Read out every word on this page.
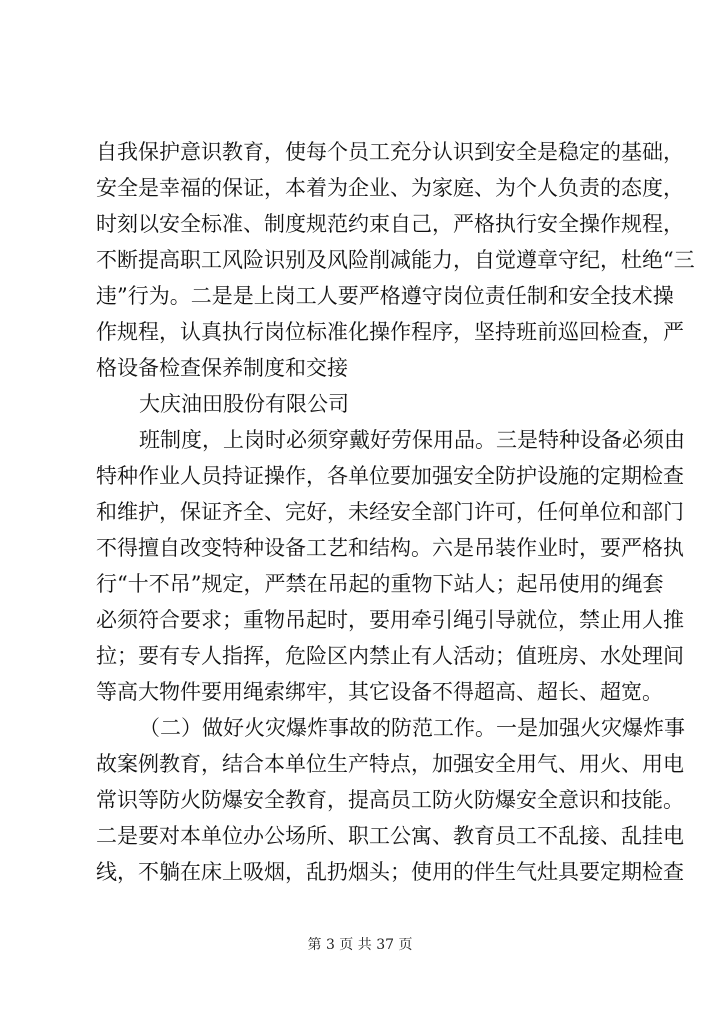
自我保护意识教育，使每个员工充分认识到安全是稳定的基础，

安全是幸福的保证，本着为企业、为家庭、为个人负责的态度，

时刻以安全标准、制度规范约束自己，严格执行安全操作规程，

不断提高职工风险识别及风险削减能力，自觉遵章守纪，杜绝“三

违”行为。二是是上岗工人要严格遵守岗位责任制和安全技术操

作规程，认真执行岗位标准化操作程序，坚持班前巡回检查，严

格设备检查保养制度和交接

大庆油田股份有限公司

班制度，上岗时必须穿戴好劳保用品。三是特种设备必须由

特种作业人员持证操作，各单位要加强安全防护设施的定期检查

和维护，保证齐全、完好，未经安全部门许可，任何单位和部门

不得擅自改变特种设备工艺和结构。六是吊装作业时，要严格执

行“十不吊”规定，严禁在吊起的重物下站人；起吊使用的绳套

必须符合要求；重物吊起时，要用牵引绳引导就位，禁止用人推

拉；要有专人指挥，危险区内禁止有人活动；值班房、水处理间

等高大物件要用绳索绑牢，其它设备不得超高、超长、超宽。

（二）做好火灾爆炸事故的防范工作。一是加强火灾爆炸事

故案例教育，结合本单位生产特点，加强安全用气、用火、用电

常识等防火防爆安全教育，提高员工防火防爆安全意识和技能。

二是要对本单位办公场所、职工公寓、教育员工不乱接、乱挂电

线，不躺在床上吸烟，乱扔烟头；使用的伴生气灶具要定期检查

第 3 页 共 37 页
